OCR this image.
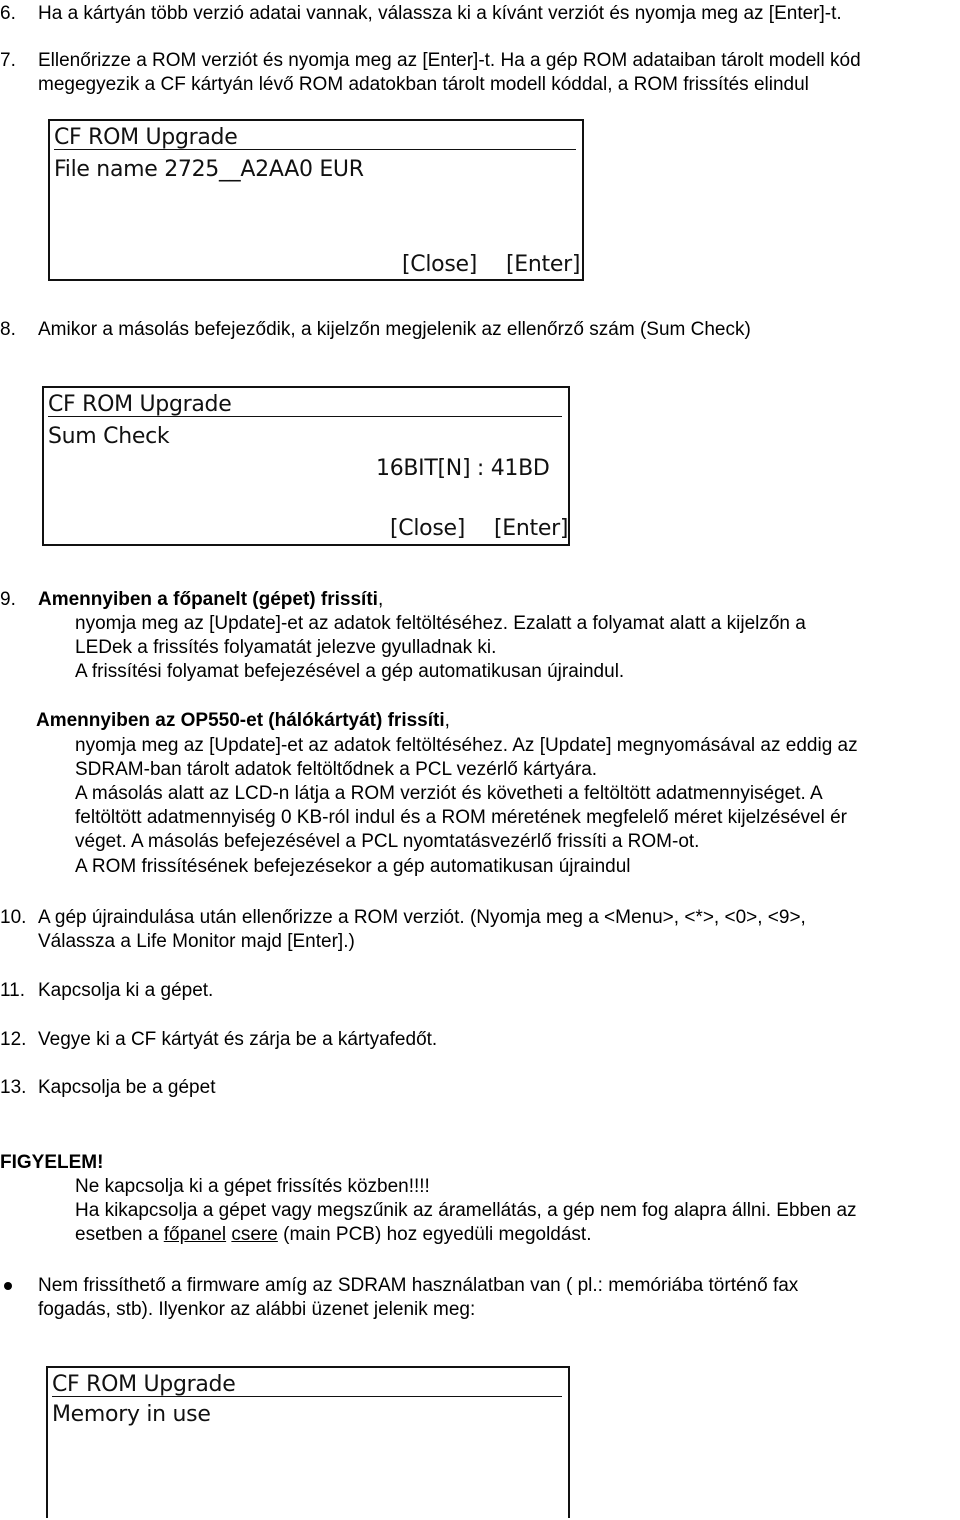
6. Ha a kártyán több verzió adatai vannak, válassza ki a kívánt verziót és nyomja meg az [Enter]-t.
7. Ellenőrizze a ROM verziót és nyomja meg az [Enter]-t. Ha a gép ROM adataiban tárolt modell kód
megegyezik a CF kártyán lévő ROM adatokban tárolt modell kóddal, a ROM frissítés elindul
CF ROM Upgrade
File name 2725__A2AA0 EUR
[Close] [Enter]
8. Amikor a másolás befejeződik, a kijelzőn megjelenik az ellenőrző szám (Sum Check)
CF ROM Upgrade
Sum Check
16BIT[N] : 41BD
[Close] [Enter]
9. Amennyiben a főpanelt (gépet) frissíti,
nyomja meg az [Update]-et az adatok feltöltéséhez. Ezalatt a folyamat alatt a kijelzőn a
LEDek a frissítés folyamatát jelezve gyulladnak ki.
A frissítési folyamat befejezésével a gép automatikusan újraindul.
Amennyiben az OP550-et (hálókártyát) frissíti,
nyomja meg az [Update]-et az adatok feltöltéséhez. Az [Update] megnyomásával az eddig az
SDRAM-ban tárolt adatok feltöltődnek a PCL vezérlő kártyára.
A másolás alatt az LCD-n látja a ROM verziót és követheti a feltöltött adatmennyiséget. A
feltöltött adatmennyiség 0 KB-ról indul és a ROM méretének megfelelő méret kijelzésével ér
véget. A másolás befejezésével a PCL nyomtatásvezérlő frissíti a ROM-ot.
A ROM frissítésének befejezésekor a gép automatikusan újraindul
10. A gép újraindulása után ellenőrizze a ROM verziót. (Nyomja meg a <Menu>, <*>, <0>, <9>,
Válassza a Life Monitor majd [Enter].)
11. Kapcsolja ki a gépet.
12. Vegye ki a CF kártyát és zárja be a kártyafedőt.
13. Kapcsolja be a gépet
FIGYELEM!
Ne kapcsolja ki a gépet frissítés közben!!!!
Ha kikapcsolja a gépet vagy megszűnik az áramellátás, a gép nem fog alapra állni. Ebben az
esetben a főpanel csere (main PCB) hoz egyedüli megoldást.
Nem frissíthető a firmware amíg az SDRAM használatban van ( pl.: memóriába történő fax
fogadás, stb). Ilyenkor az alábbi üzenet jelenik meg:
CF ROM Upgrade
Memory in use
